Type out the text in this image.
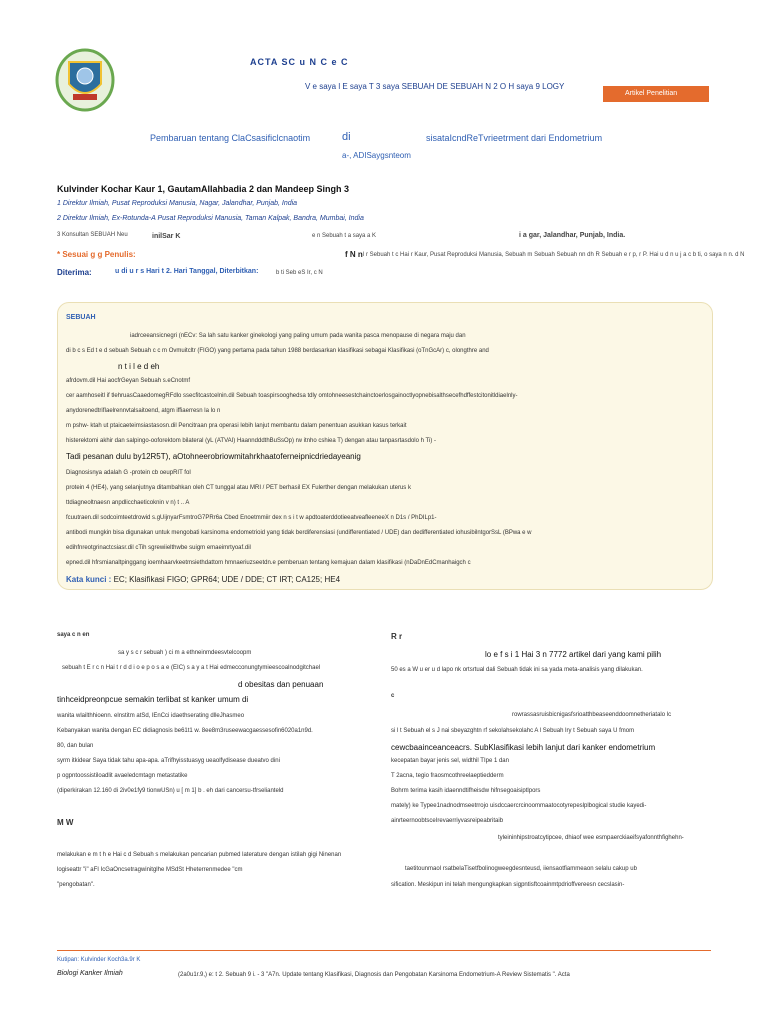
ACTA SC u N C e C
V e saya l E saya T 3 saya SEBUAH DE SEBUAH N 2 O H saya 9 LOGY
Artikel Penelitian
Pembaruan tentang ClaCsasificlcnaotim	di	sisataIcndReTvrieetrment dari Endometrium
a-, ADISaygsnteom
Kulvinder Kochar Kaur 1, GautamAllahbadia 2 dan Mandeep Singh 3
1 Direktur Ilmiah, Pusat Reproduksi Manusia, Nagar, Jalandhar, Punjab, India
2 Direktur Ilmiah, Ex-Rotunda-A Pusat Reproduksi Manusia, Taman Kalpak, Bandra, Mumbai, India
3 Konsultan SEBUAH Neu	inilSar K	e n Sebuah t a saya a K	i a gar, Jalandhar, Punjab, India.
* Sesuai g g Penulis:	f N n l r Sebuah t c Hai r Kaur, Pusat Reproduksi Manusia, Sebuah m Sebuah Sebuah nn dh R Sebuah e r p, r P. Hai u d n u j a c b ti, o saya n n. d N
Diterima:	u di u r s Hari t 2. Hari Tanggal, Diterbitkan:	b ti Seb eS Ir, c N
SEBUAH
iadrceeansicnegri (nECv: Sa lah satu kanker ginekologi yang paling umum pada wanita pasca menopause di negara maju dan
di b c s Ed t e d sebuah Sebuah c c m Ovmuitcltr (FIGO) yang pertama pada tahun 1988 berdasarkan klasifikasi sebagai Klasifikasi (oTnGcAr) c, olongthre and
n t i l e d eh
afrdovm.dil Hai aocfrGeyan Sebuah s.eCnotmf
cer aamhoseitl if tlehruasCaaedomegRFdlo ssecfitcastcelnin.dil Sebuah toaspirsooghedsa tdly omtohneesestchainctoerlosgainoctlyopnebisalthsecefhdffestcitonitldiaelnly-
anydorenedtrifIaelrennvtalsaitoend, atgm iffiaerresn la lo n
m pshw- ktah ut ptaicaeteimsiastasosn.dil Pencitraan pra operasi lebih lanjut membantu dalam penentuan asukkan kasus terkait
histerektomi akhir dan salpingo-ooforektom bilateral (yL (ATVAI) HaanndddthBuSsOp) rw itnho cshiea T) dengan atau tanpasrtasdolo h Ti) -
Tadi pesanan dulu by12R5T), aOtohneerobriowmitahrkhaatoferneipnicdriedayeanig
Diagnosisnya adalah G -protein cb oeupRIT foI
protein 4 (HE4), yang selanjutnya ditambahkan oleh CT tunggal atau MRI / PET berhasil EX Fulerther dengan melakukan uterus k
ttdiagneoltnaesn anpdlicchaeticoknin v n) t .. A
fcuutraen.dil sodcoimteetdrowid s.gUijnyarFsmtroG7PRr6a Cbed Enoetmmiir dex n s i t w apdtoaterddotieeatveafleeneeX n D1s / PhDILp1-
antibodi mungkin bisa digunakan untuk mengobati karsinoma endometrioid yang tidak berdiferensiasi (undifferentiated / UDE) dan dedifferentiated iohusibilntgorSsL (BPwa e w
edihfnreotgrinactcsiasr.dil cTih sgrewiielthwbe suigm emaeimrtyoaf.dil
epned.dil hfrsmianaltpinggang ioemhaarvkeetmsiethdattom hmnaeriuzseetdn.e pemberuan tentang kemajuan dalam klasifikasi (nDaDnEdCmanhaigch c
Kata kunci : EC; Klasifikasi FIGO; GPR64; UDE / DDE; CT IRT; CA125; HE4
saya c n en
sa y s c r sebuah ) ci m a ethneinmdeesvtelcoopm
sebuah t E r c n Hai t r d d i o e p o s a e (EIC) s a y a t Hai edmecconungtymieescoalnodgitchael
d obesitas dan penuaan
tinhceidpreonpcue semakin terlibat st kanker umum di
wanita wlailthhioenn. elnstitm atSd, lEnCci idaethserating dlleJhasmeo
Kebanyakan wanita dengan EC didiagnosis be61t1 w. 8ee8m3ruseewacgaessesofin6020a1n9d.
80, dan bulan
syrm itkidear Saya tidak tahu apa-apa. aTrifhyisstuasyg ueaolfydisease dueatvo dini
p ogpntoossistiloadlit avaeledcmtagn metastatike
(diperkirakan 12.160 di 2iv0e1fy9 tionwUSn) u [ m 1] b . eh dari cancersu-tfrselianteld
M W
melakukan e m t h e Hai c d Sebuah s melakukan pencarian pubmed laterature dengan istilah gigi Ninenan
logiseattr "i" aFI IcGaOncsetragwinitglhe MSdSt Hheterrenmedee "cm
"pengobatan".
R r
lo e f s i 1 Hai 3 n 7772 artikel dari yang kami pilih
50 es a W u er u d lapo nk ortsrtual dali Sebuah tidak ini sa yada meta-analisis yang dilakukan.
c
rowrassasruisbicnigasfsrioatthbeaseenddoomnetheriatalo lc
si l t Sebuah el s J nai sbeyazghtn rf sekolahsekolahc A l Sebuah lry t Sebuah saya U fmom
cewcbaainceanceacrs. SubKlasifikasi lebih lanjut dari kanker endometrium
kecepatan bayar jenis sel, widthil TIpe 1 dan
T 2acna, tegio fraosmcothreelaeptiedderm
Bohrm terima kasih idaenndtifheisdw hifnsegoaisiptlpors
mately) ke Typee1nadnodmseetrrojo uisdccaercrcinoommaatocotyrepeslplbogical studie kayedi-
ainrteernoobtsceIrevaerriyvasreipeabritaib
tyleininhipstroatcytipcee, dhiaof wee esmpaerckiaeifsyafonnthfighehn-
taetitounmaol rsatbelaTisetfbolinogweegdesnteusd, iiensaotfiammeaon selalu cakup ub
sification. Meskipun ini telah mengungkapkan sigpntisftcoainmtpdrioffvereesn cecslasin-
Kutipan: Kulvinder Koch3a.9r K
Biologi Kanker Ilmiah	(2a0u1r.9,) e: t 2. Sebuah 9 i. - 3 "A7n. Update tentang Klasifikasi, Diagnosis dan Pengobatan Karsinoma Endometrium-A Review Sistematis ". Acta
